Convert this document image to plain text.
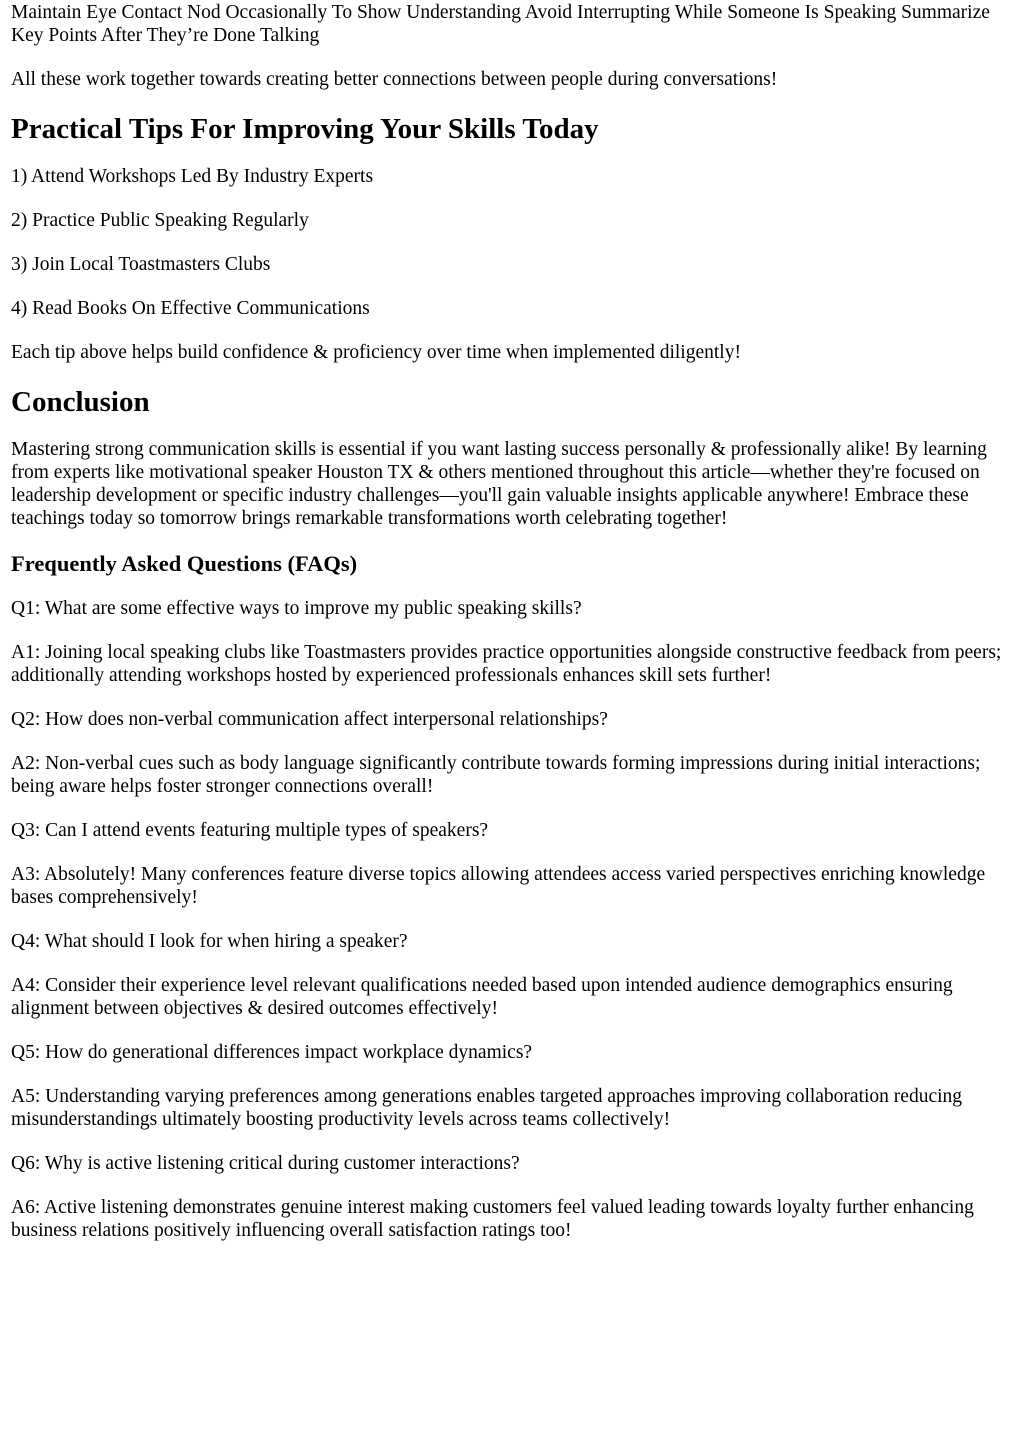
Maintain Eye Contact Nod Occasionally To Show Understanding Avoid Interrupting While Someone Is Speaking Summarize Key Points After They’re Done Talking

All these work together towards creating better connections between people during conversations!

Practical Tips For Improving Your Skills Today

1) Attend Workshops Led By Industry Experts

2) Practice Public Speaking Regularly

3) Join Local Toastmasters Clubs

4) Read Books On Effective Communications

Each tip above helps build confidence & proficiency over time when implemented diligently!

Conclusion

Mastering strong communication skills is essential if you want lasting success personally & professionally alike! By learning from experts like motivational speaker Houston TX & others mentioned throughout this article—whether they're focused on leadership development or specific industry challenges—you'll gain valuable insights applicable anywhere! Embrace these teachings today so tomorrow brings remarkable transformations worth celebrating together!

Frequently Asked Questions (FAQs)

Q1: What are some effective ways to improve my public speaking skills?

A1: Joining local speaking clubs like Toastmasters provides practice opportunities alongside constructive feedback from peers; additionally attending workshops hosted by experienced professionals enhances skill sets further!

Q2: How does non-verbal communication affect interpersonal relationships?

A2: Non-verbal cues such as body language significantly contribute towards forming impressions during initial interactions; being aware helps foster stronger connections overall!

Q3: Can I attend events featuring multiple types of speakers?

A3: Absolutely! Many conferences feature diverse topics allowing attendees access varied perspectives enriching knowledge bases comprehensively!

Q4: What should I look for when hiring a speaker?

A4: Consider their experience level relevant qualifications needed based upon intended audience demographics ensuring alignment between objectives & desired outcomes effectively!

Q5: How do generational differences impact workplace dynamics?

A5: Understanding varying preferences among generations enables targeted approaches improving collaboration reducing misunderstandings ultimately boosting productivity levels across teams collectively!

Q6: Why is active listening critical during customer interactions?

A6: Active listening demonstrates genuine interest making customers feel valued leading towards loyalty further enhancing business relations positively influencing overall satisfaction ratings too!
